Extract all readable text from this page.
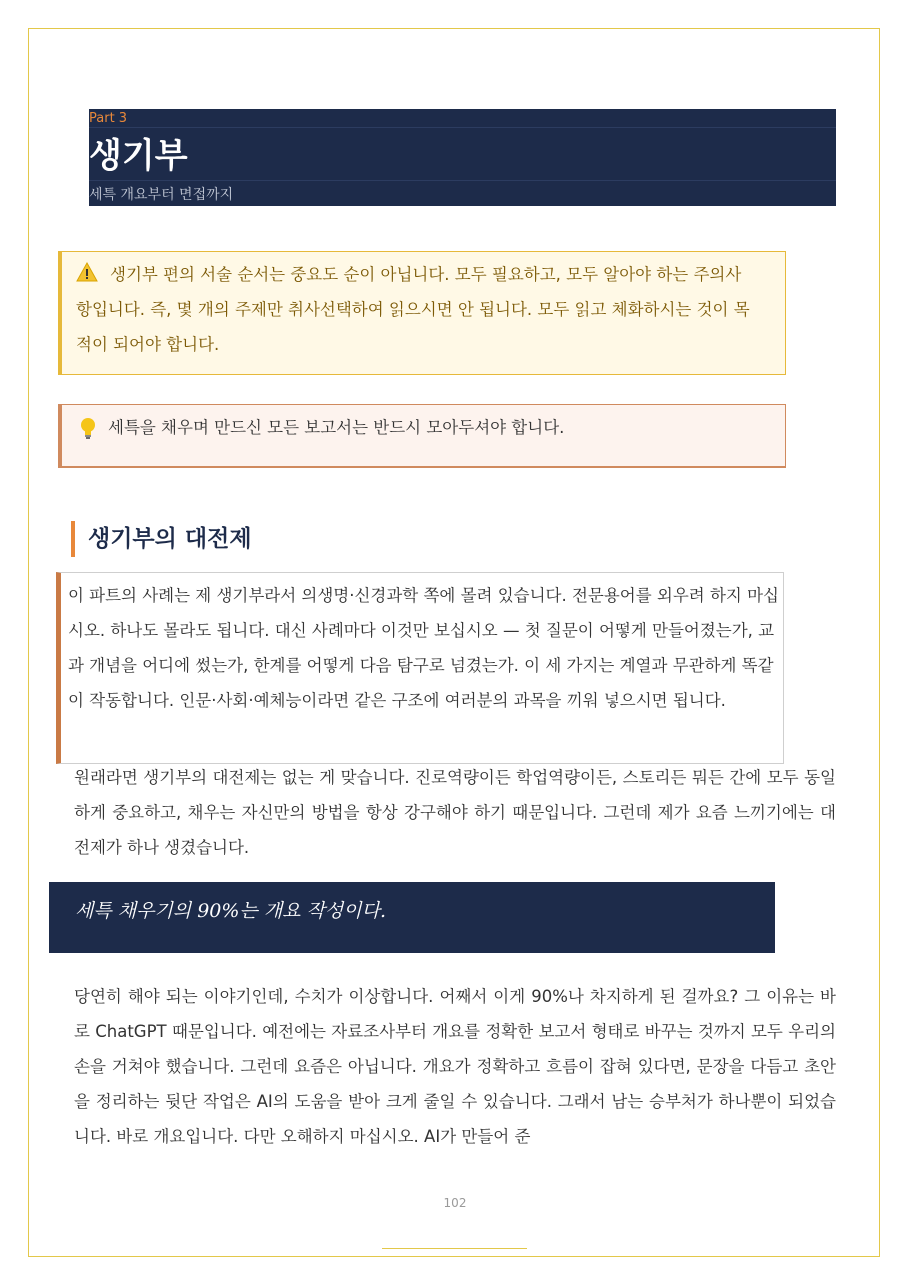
Part 3
생기부
세특 개요부터 면접까지
생기부 편의 서술 순서는 중요도 순이 아닙니다. 모두 필요하고, 모두 알아야 하는 주의사항입니다. 즉, 몇 개의 주제만 취사선택하여 읽으시면 안 됩니다. 모두 읽고 체화하시는 것이 목적이 되어야 합니다.
세특을 채우며 만드신 모든 보고서는 반드시 모아두셔야 합니다.
생기부의 대전제
이 파트의 사례는 제 생기부라서 의생명·신경과학 쪽에 몰려 있습니다. 전문용어를 외우려 하지 마십시오. 하나도 몰라도 됩니다. 대신 사례마다 이것만 보십시오 — 첫 질문이 어떻게 만들어졌는가, 교과 개념을 어디에 썼는가, 한계를 어떻게 다음 탐구로 넘겼는가. 이 세 가지는 계열과 무관하게 똑같이 작동합니다. 인문·사회·예체능이라면 같은 구조에 여러분의 과목을 끼워 넣으시면 됩니다.
원래라면 생기부의 대전제는 없는 게 맞습니다. 진로역량이든 학업역량이든, 스토리든 뭐든 간에 모두 동일하게 중요하고, 채우는 자신만의 방법을 항상 강구해야 하기 때문입니다. 그런데 제가 요즘 느끼기에는 대전제가 하나 생겼습니다.
세특 채우기의 90%는 개요 작성이다.
당연히 해야 되는 이야기인데, 수치가 이상합니다. 어째서 이게 90%나 차지하게 된 걸까요? 그 이유는 바로 ChatGPT 때문입니다. 예전에는 자료조사부터 개요를 정확한 보고서 형태로 바꾸는 것까지 모두 우리의 손을 거쳐야 했습니다. 그런데 요즘은 아닙니다. 개요가 정확하고 흐름이 잡혀 있다면, 문장을 다듬고 초안을 정리하는 뒷단 작업은 AI의 도움을 받아 크게 줄일 수 있습니다. 그래서 남는 승부처가 하나뿐이 되었습니다. 바로 개요입니다. 다만 오해하지 마십시오. AI가 만들어 준
102
